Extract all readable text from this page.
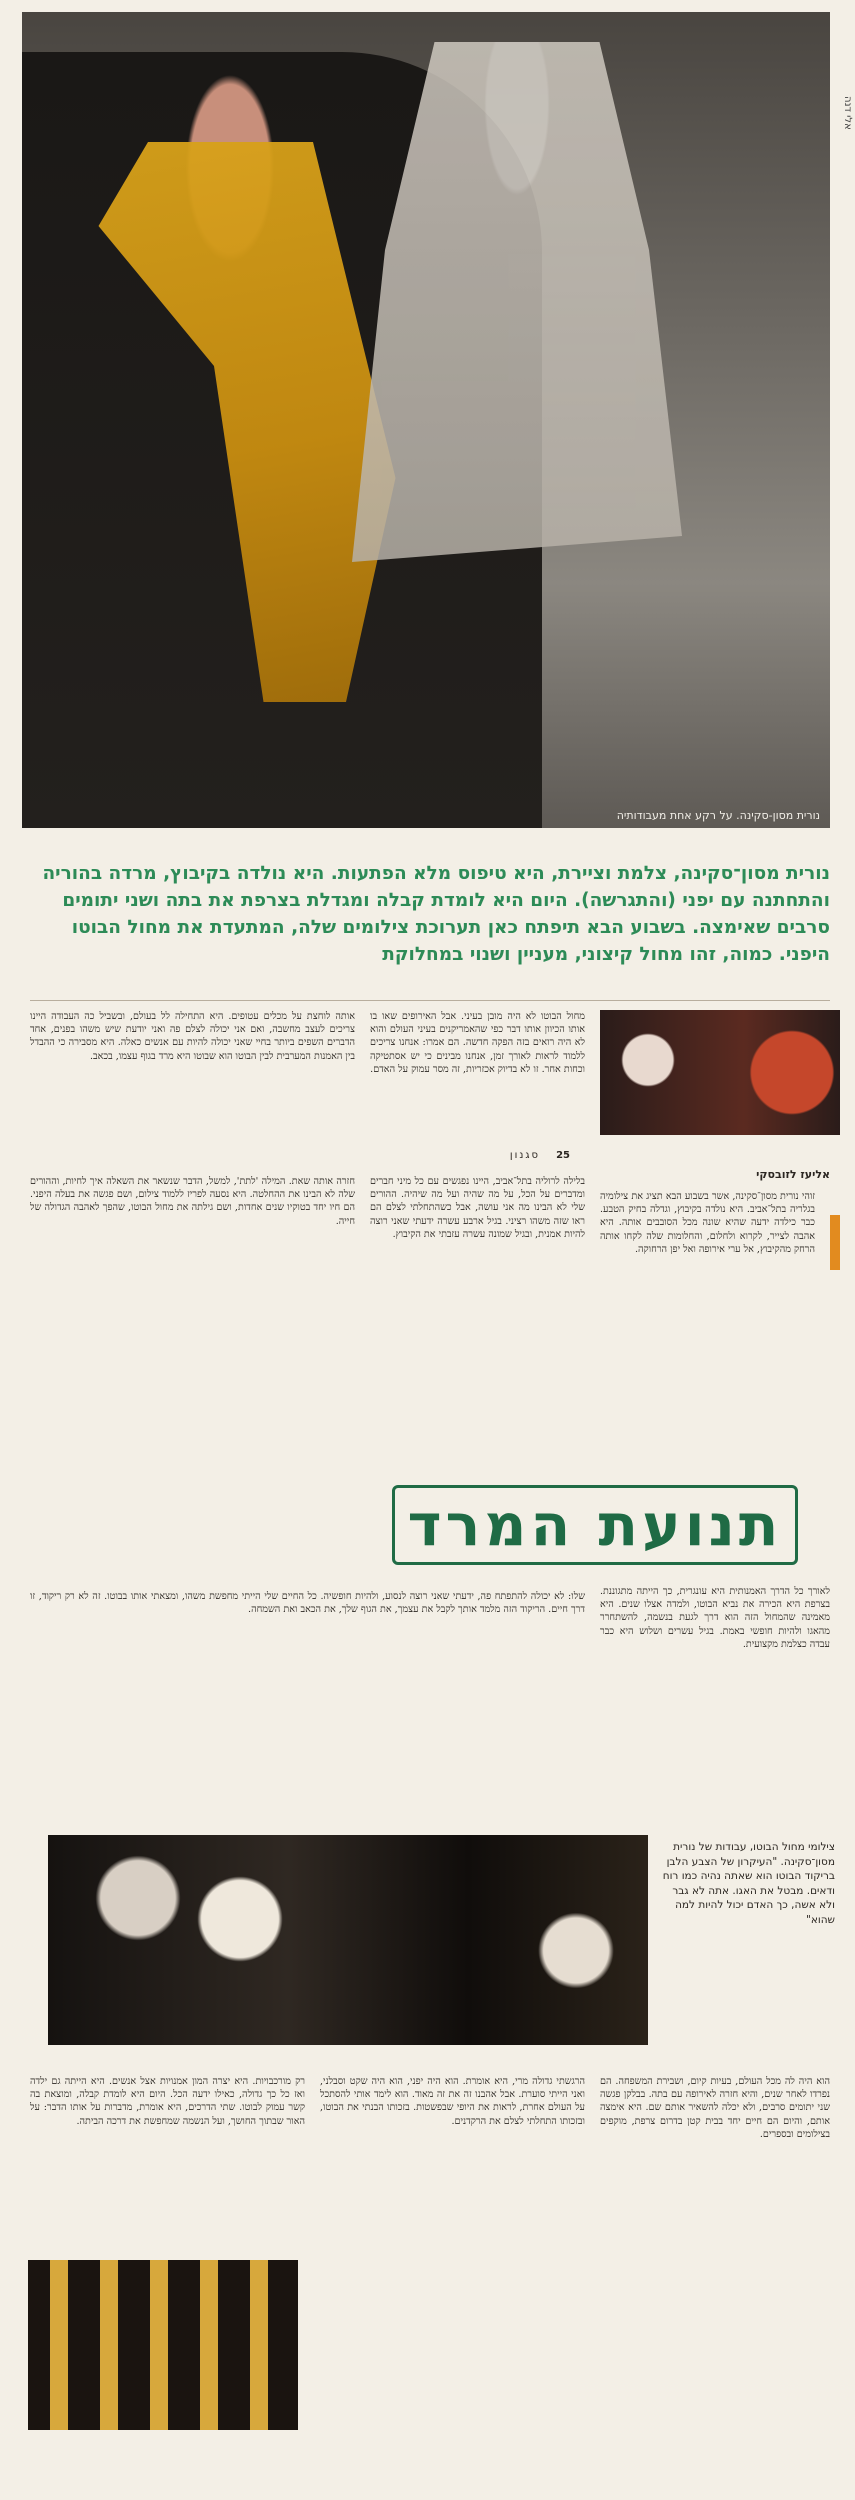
אלי דנה
נורית מסון-סקינה. על רקע אחת מעבודותיה
נורית מסון־סקינה, צלמת וציירת, היא טיפוס מלא הפתעות. היא נולדה בקיבוץ, מרדה בהוריה והתחתנה עם יפני (והתגרשה). היום היא לומדת קבלה ומגדלת בצרפת את בתה ושני יתומים סרבים שאימצה. בשבוע הבא תיפתח כאן תערוכת צילומים שלה, המתעדת את מחול הבוטו היפני. כמוה, זהו מחול קיצוני, מעניין ושנוי במחלוקת
מחול הבוטו לא היה מובן בעיני. אבל האירופים שאו בו אותו הכיוון אותו דבר כפי שהאמריקנים בעיני העולם והוא לא היה רואים בזה הפקה חדשה. הם אמרו: אנחנו צריכים ללמוד לראות לאורך זמן, אנחנו מבינים כי יש אסתטיקה וכחות אחר. זו לא בדיוק אכזריות, זה מסר עמוק על האדם.
אותה לוחצת על מכלים עטופים. היא התחילה לל בעולם, ובשביל כה העבודה היינו צריכים לעצב מחשבה, ואם אני יכולה לצלם פה ואני יודעת שיש משהו בפנים, אחד הדברים השפים ביותר בחיי שאני יכולה להיות עם אנשים כאלה. היא מסבירה כי ההבדל בין האמנות המערבית לבין הבוטו הוא שבוטו היא מרד בגוף עצמו, בכאב.
25
סגנון
אליעז לזובסקי
בלילה לרוליה בתל־אביב, היינו נפגשים עם כל מיני חברים ומדברים על הכל, על מה שהיה ועל מה שיהיה. ההורים שלי לא הבינו מה אני עושה, אבל כשהתחלתי לצלם הם ראו שזה משהו רציני. בגיל ארבע עשרה ידעתי שאני רוצה להיות אמנית, ובגיל שמונה עשרה עזבתי את הקיבוץ.
חזרה אותה שאת. המילה 'לתת', למשל, הדבר שנשאר את השאלה איך לחיות, וההורים שלה לא הבינו את ההחלטה. היא נסעה לפריז ללמוד צילום, ושם פגשה את בעלה היפני. הם חיו יחד בטוקיו שנים אחדות, ושם גילתה את מחול הבוטו, שהפך לאהבה הגדולה של חייה.
זוהי נורית מסון־סקינה, אשר בשבוע הבא תציג את צילומיה בגלריה בתל־אביב. היא נולדה בקיבוץ, וגדלה בחיק הטבע. כבר כילדה ידעה שהיא שונה מכל הסובבים אותה. היא אהבה לצייר, לקרוא ולחלום, והחלומות שלה לקחו אותה הרחק מהקיבוץ, אל ערי אירופה ואל יפן הרחוקה.
תנועת המרד
לאורך כל הדרך האמנותית היא עונגרית, כך הייתה מתגוננת. בצרפת היא הכירה את נביא הבוטו, ולמדה אצלו שנים. היא מאמינה שהמחול הזה הוא דרך לגעת בנשמה, להשתחרר מהאגו ולהיות חופשי באמת. בגיל עשרים ושלוש היא כבר עבדה כצלמת מקצועית.
שלו: לא יכולה להתפתח פה, ידעתי שאני רוצה לנסוע, ולהיות חופשיה. כל החיים שלי הייתי מחפשת משהו, ומצאתי אותו בבוטו. זה לא רק ריקוד, זו דרך חיים. הריקוד הזה מלמד אותך לקבל את עצמך, את הגוף שלך, את הכאב ואת השמחה.
צילומי מחול הבוטו, עבודות של נורית מסון־סקינה. "העיקרון של הצבע הלבן בריקוד הבוטו הוא שאתה נהיה כמו רוח ודאים. מבטל את האגו. אתה לא גבר ולא אשה, כך האדם יכול להיות למה שהוא"
הוא היה לה מכל העולם, בעיות קיום, ושבירת המשפחה. הם נפרדו לאחר שנים, והיא חזרה לאירופה עם בתה. בבלקן פגשה שני יתומים סרבים, ולא יכלה להשאיר אותם שם. היא אימצה אותם, והיום הם חיים יחד בבית קטן בדרום צרפת, מוקפים בצילומים ובספרים.
הרגשתי גדולה מרי, היא אומרת. הוא היה יפני, הוא היה שקט וסבלני, ואני הייתי סוערת. אבל אהבנו זה את זה מאוד. הוא לימד אותי להסתכל על העולם אחרת, לראות את היופי שבפשטות. בזכותו הבנתי את הבוטו, ובזכותו התחלתי לצלם את הרקדנים.
רק מורכבויות. היא יצרה המון אמנויות אצל אנשים. היא הייתה גם ילדה ואז כל כך גדולה, כאילו ידעה הכל. היום היא לומדת קבלה, ומוצאת בה קשר עמוק לבוטו. שתי הדרכים, היא אומרת, מדברות על אותו הדבר: על האור שבתוך החושך, ועל הנשמה שמחפשת את דרכה הביתה.
